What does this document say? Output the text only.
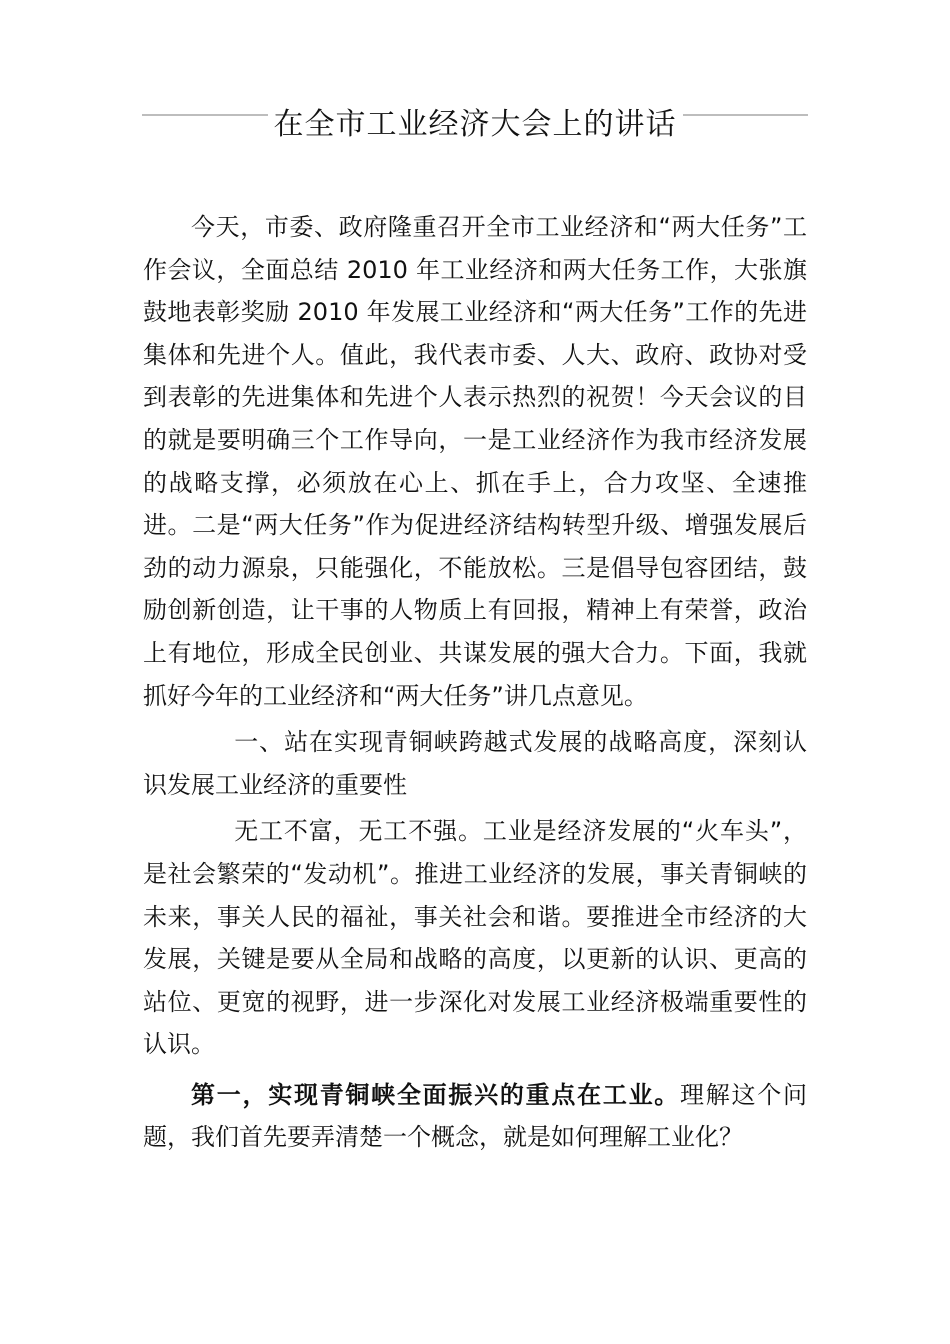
在全市工业经济大会上的讲话

今天，市委、政府隆重召开全市工业经济和“两大任务”工作会议，全面总结 2010 年工业经济和两大任务工作，大张旗鼓地表彰奖励 2010 年发展工业经济和“两大任务”工作的先进集体和先进个人。值此，我代表市委、人大、政府、政协对受到表彰的先进集体和先进个人表示热烈的祝贺！今天会议的目的就是要明确三个工作导向，一是工业经济作为我市经济发展的战略支撑，必须放在心上、抓在手上，合力攻坚、全速推进。二是“两大任务”作为促进经济结构转型升级、增强发展后劲的动力源泉，只能强化，不能放松。三是倡导包容团结，鼓励创新创造，让干事的人物质上有回报，精神上有荣誉，政治上有地位，形成全民创业、共谋发展的强大合力。下面，我就抓好今年的工业经济和“两大任务”讲几点意见。

一、站在实现青铜峡跨越式发展的战略高度，深刻认识发展工业经济的重要性

无工不富，无工不强。工业是经济发展的“火车头”，是社会繁荣的“发动机”。推进工业经济的发展，事关青铜峡的未来，事关人民的福祉，事关社会和谐。要推进全市经济的大发展，关键是要从全局和战略的高度，以更新的认识、更高的站位、更宽的视野，进一步深化对发展工业经济极端重要性的认识。

第一，实现青铜峡全面振兴的重点在工业。理解这个问题，我们首先要弄清楚一个概念，就是如何理解工业化？
